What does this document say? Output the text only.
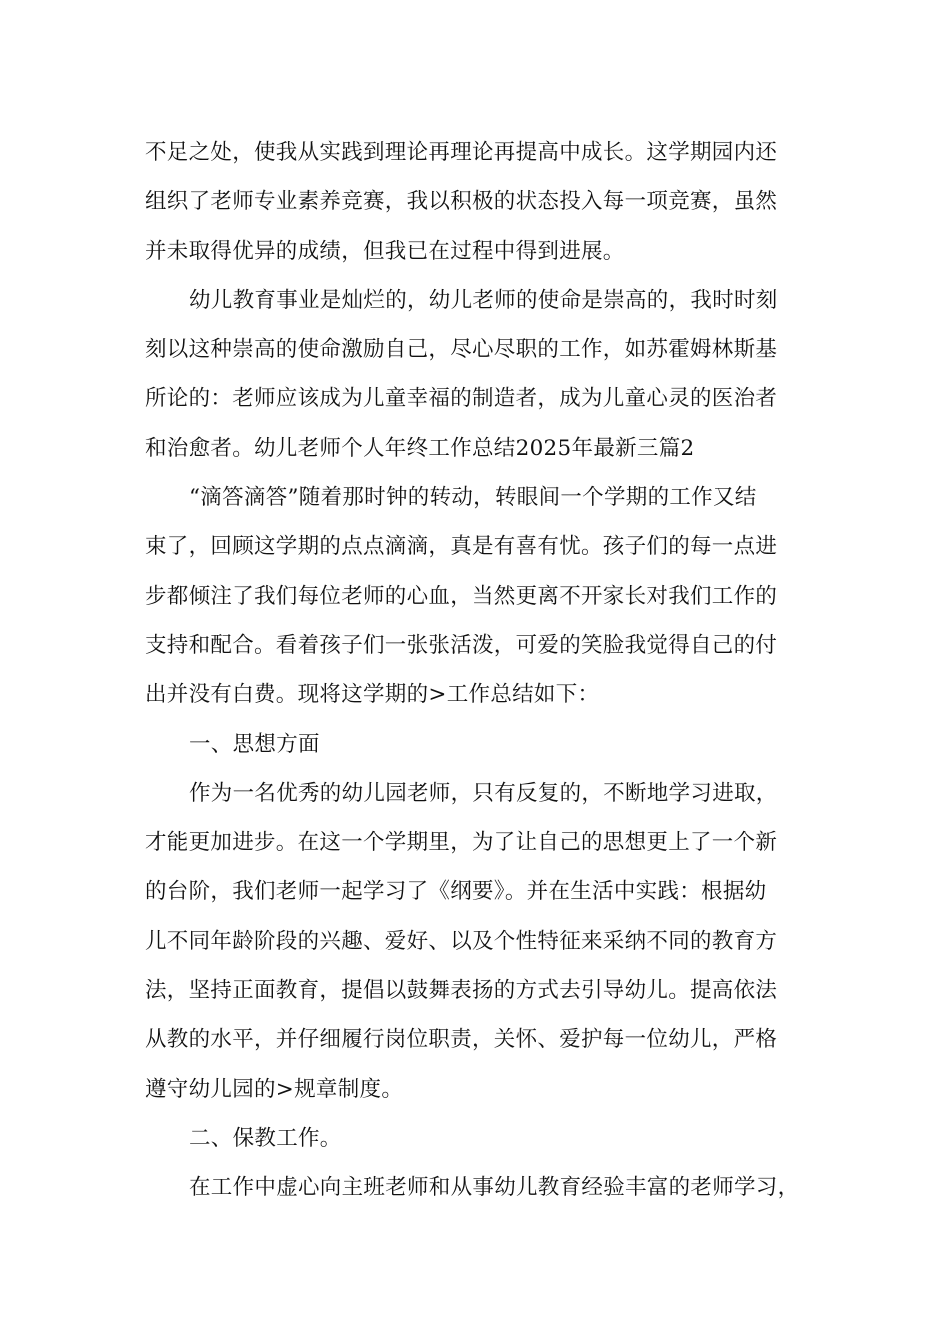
不足之处，使我从实践到理论再理论再提高中成长。这学期园内还
组织了老师专业素养竞赛，我以积极的状态投入每一项竞赛，虽然
并未取得优异的成绩，但我已在过程中得到进展。
幼儿教育事业是灿烂的，幼儿老师的使命是崇高的，我时时刻
刻以这种崇高的使命激励自己，尽心尽职的工作，如苏霍姆林斯基
所论的：老师应该成为儿童幸福的制造者，成为儿童心灵的医治者
和治愈者。幼儿老师个人年终工作总结2025年最新三篇2
“滴答滴答”随着那时钟的转动，转眼间一个学期的工作又结
束了，回顾这学期的点点滴滴，真是有喜有忧。孩子们的每一点进
步都倾注了我们每位老师的心血，当然更离不开家长对我们工作的
支持和配合。看着孩子们一张张活泼，可爱的笑脸我觉得自己的付
出并没有白费。现将这学期的>工作总结如下：
一、思想方面
作为一名优秀的幼儿园老师，只有反复的，不断地学习进取，
才能更加进步。在这一个学期里，为了让自己的思想更上了一个新
的台阶，我们老师一起学习了《纲要》。并在生活中实践：根据幼
儿不同年龄阶段的兴趣、爱好、以及个性特征来采纳不同的教育方
法，坚持正面教育，提倡以鼓舞表扬的方式去引导幼儿。提高依法
从教的水平，并仔细履行岗位职责，关怀、爱护每一位幼儿，严格
遵守幼儿园的>规章制度。
二、保教工作。
在工作中虚心向主班老师和从事幼儿教育经验丰富的老师学习，
